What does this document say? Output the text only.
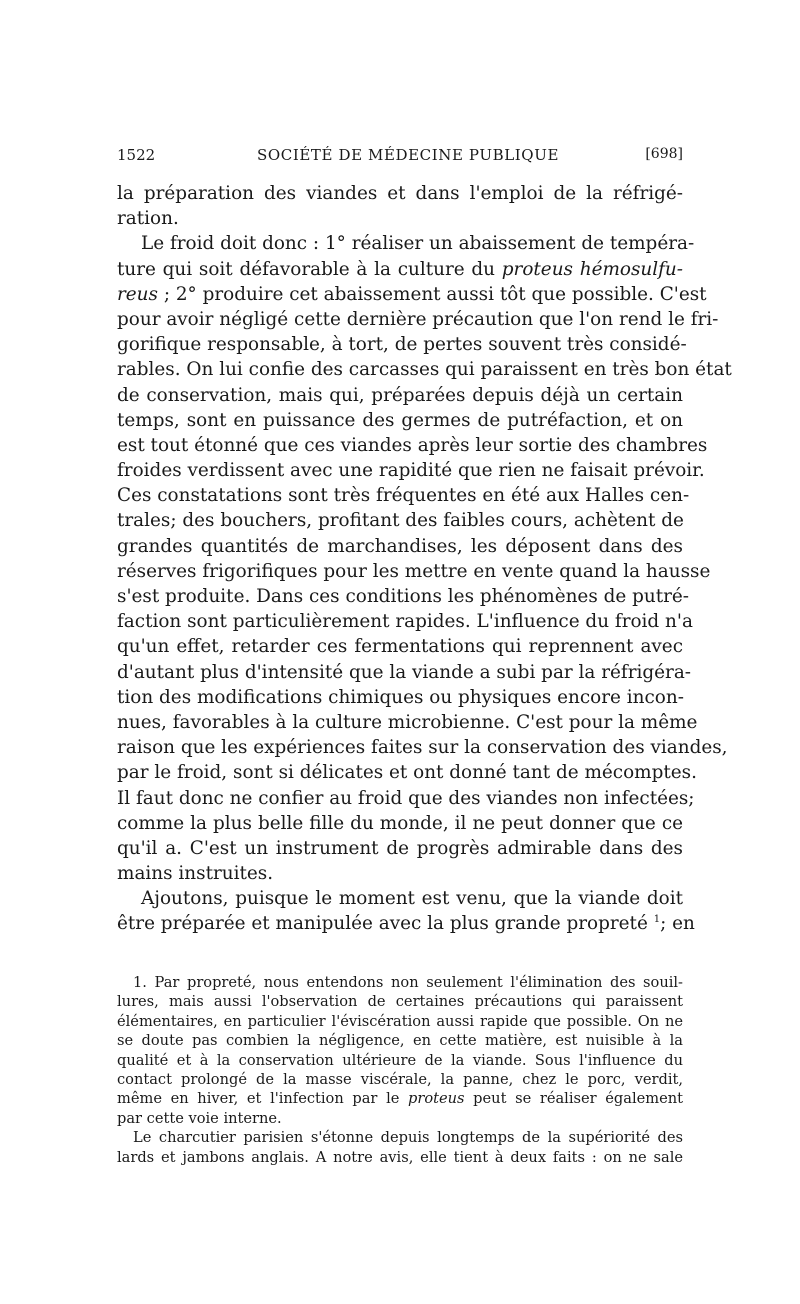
1522	SOCIÉTÉ DE MÉDECINE PUBLIQUE	[698]
la préparation des viandes et dans l'emploi de la réfrigé-
ration.
Le froid doit donc : 1° réaliser un abaissement de tempéra-
ture qui soit défavorable à la culture du proteus hémosulfu-
reus ; 2° produire cet abaissement aussi tôt que possible. C'est
pour avoir négligé cette dernière précaution que l'on rend le fri-
gorifique responsable, à tort, de pertes souvent très considé-
rables. On lui confie des carcasses qui paraissent en très bon état
de conservation, mais qui, préparées depuis déjà un certain
temps, sont en puissance des germes de putréfaction, et on
est tout étonné que ces viandes après leur sortie des chambres
froides verdissent avec une rapidité que rien ne faisait prévoir.
Ces constatations sont très fréquentes en été aux Halles cen-
trales; des bouchers, profitant des faibles cours, achètent de
grandes quantités de marchandises, les déposent dans des
réserves frigorifiques pour les mettre en vente quand la hausse
s'est produite. Dans ces conditions les phénomènes de putré-
faction sont particulièrement rapides. L'influence du froid n'a
qu'un effet, retarder ces fermentations qui reprennent avec
d'autant plus d'intensité que la viande a subi par la réfrigéra-
tion des modifications chimiques ou physiques encore incon-
nues, favorables à la culture microbienne. C'est pour la même
raison que les expériences faites sur la conservation des viandes,
par le froid, sont si délicates et ont donné tant de mécomptes.
Il faut donc ne confier au froid que des viandes non infectées;
comme la plus belle fille du monde, il ne peut donner que ce
qu'il a. C'est un instrument de progrès admirable dans des
mains instruites.
Ajoutons, puisque le moment est venu, que la viande doit
être préparée et manipulée avec la plus grande propreté $^1$; en
1. Par propreté, nous entendons non seulement l'élimination des souil-
lures, mais aussi l'observation de certaines précautions qui paraissent
élémentaires, en particulier l'éviscération aussi rapide que possible. On ne
se doute pas combien la négligence, en cette matière, est nuisible à la
qualité et à la conservation ultérieure de la viande. Sous l'influence du
contact prolongé de la masse viscérale, la panne, chez le porc, verdit,
même en hiver, et l'infection par le proteus peut se réaliser également
par cette voie interne.
Le charcutier parisien s'étonne depuis longtemps de la supériorité des
lards et jambons anglais. A notre avis, elle tient à deux faits : on ne sale
